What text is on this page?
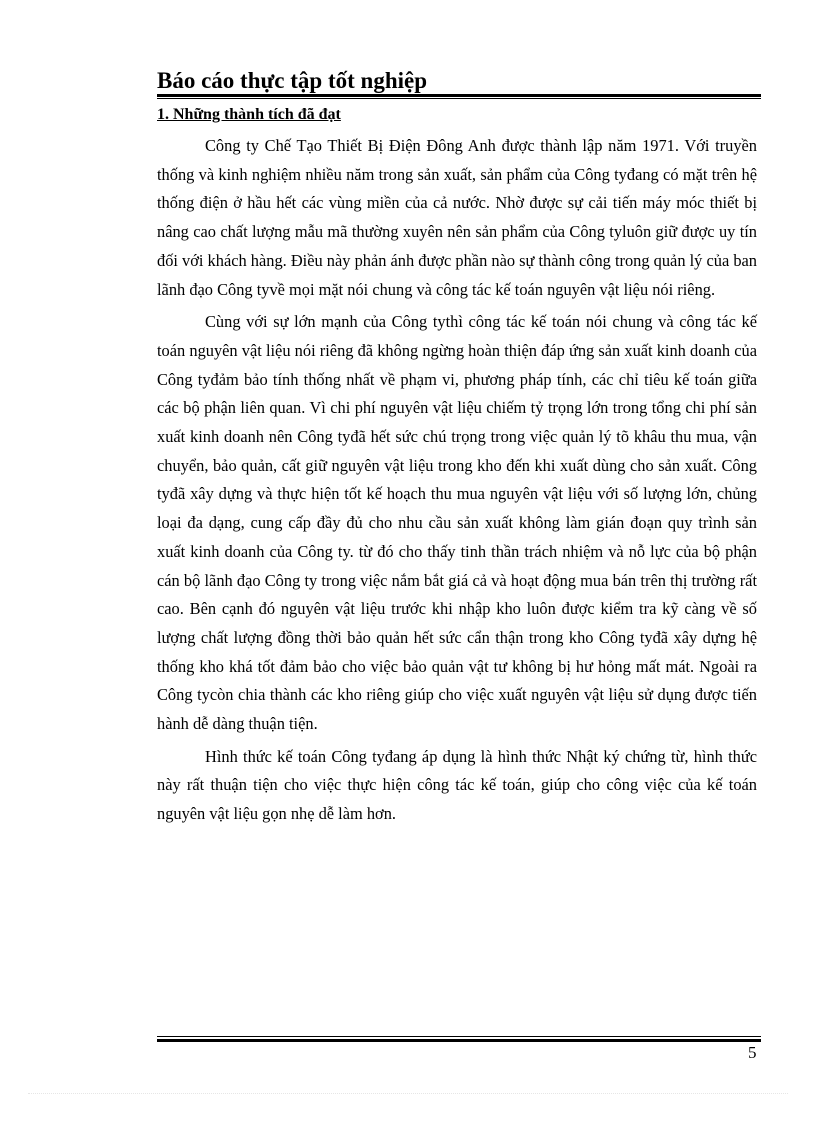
Báo cáo thực tập tốt nghiệp
1. Những thành tích đã đạt

Công ty Chế Tạo Thiết Bị Điện Đông Anh được thành lập năm 1971. Với truyền thống và kinh nghiệm nhiều năm trong sản xuất, sản phẩm của Công tyđang có mặt trên hệ thống điện ở hầu hết các vùng miền của cả nước. Nhờ được sự cải tiến máy móc thiết bị nâng cao chất lượng mẫu mã thường xuyên nên sản phẩm của Công tyluôn giữ được uy tín đối với khách hàng. Điều này phản ánh được phần nào sự thành công trong quản lý của ban lãnh đạo Công tyvề mọi mặt nói chung và công tác kế toán nguyên vật liệu nói riêng.

Cùng với sự lớn mạnh của Công tythì công tác kế toán nói chung và công tác kế toán nguyên vật liệu nói riêng đã không ngừng hoàn thiện đáp ứng sản xuất kinh doanh của Công tyđảm bảo tính thống nhất về phạm vi, phương pháp tính, các chỉ tiêu kế toán giữa các bộ phận liên quan. Vì chi phí nguyên vật liệu chiếm tỷ trọng lớn trong tổng chi phí sản xuất kinh doanh nên Công tyđã hết sức chú trọng trong việc quản lý tõ khâu thu mua, vận chuyển, bảo quản, cất giữ nguyên vật liệu trong kho đến khi xuất dùng cho sản xuất. Công tyđã xây dựng và thực hiện tốt kế hoạch thu mua nguyên vật liệu với số lượng lớn, chủng loại đa dạng, cung cấp đầy đủ cho nhu cầu sản xuất không làm gián đoạn quy trình sản xuất kinh doanh của Công ty. từ đó cho thấy tinh thần trách nhiệm và nỗ lực của bộ phận cán bộ lãnh đạo Công ty trong việc nắm bắt giá cả và hoạt động mua bán trên thị trường rất cao. Bên cạnh đó nguyên vật liệu trước khi nhập kho luôn được kiểm tra kỹ càng về số lượng chất lượng đồng thời bảo quản hết sức cẩn thận trong kho Công tyđã xây dựng hệ thống kho khá tốt đảm bảo cho việc bảo quản vật tư không bị hư hỏng mất mát. Ngoài ra Công tycòn chia thành các kho riêng giúp cho việc xuất nguyên vật liệu sử dụng được tiến hành dễ dàng thuận tiện.

Hình thức kế toán Công tyđang áp dụng là hình thức Nhật ký chứng từ, hình thức này rất thuận tiện cho việc thực hiện công tác kế toán, giúp cho công việc của kế toán nguyên vật liệu gọn nhẹ dễ làm hơn.

5
